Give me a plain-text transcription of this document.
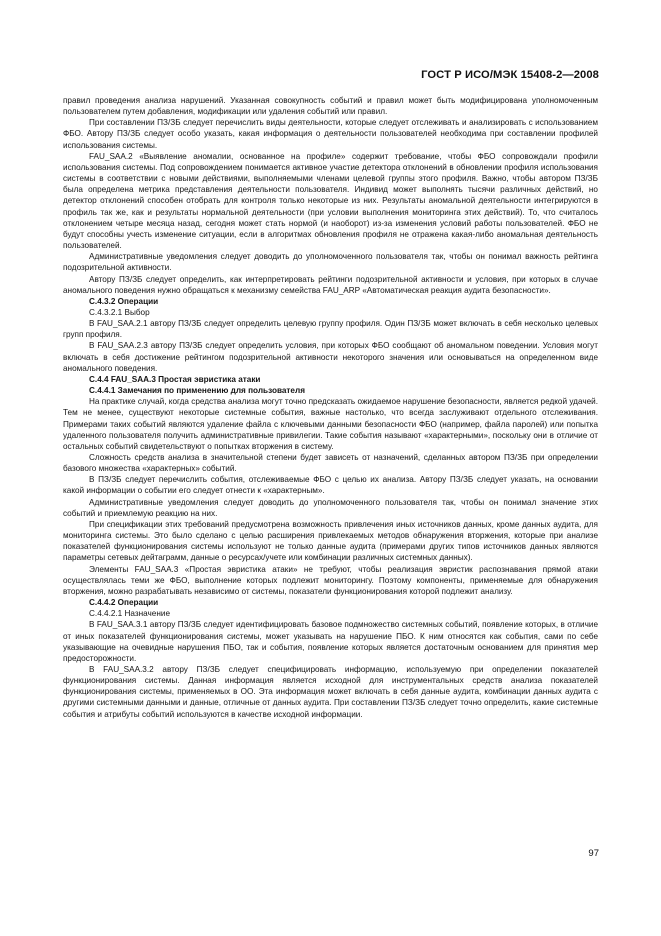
ГОСТ Р ИСО/МЭК 15408-2—2008

правил проведения анализа нарушений. Указанная совокупность событий и правил может быть модифицирована уполномоченным пользователем путем добавления, модификации или удаления событий или правил.

При составлении ПЗ/ЗБ следует перечислить виды деятельности, которые следует отслеживать и анализировать с использованием ФБО. Автору ПЗ/ЗБ следует особо указать, какая информация о деятельности пользователей необходима при составлении профилей использования системы.

FAU_SAA.2 «Выявление аномалии, основанное на профиле» содержит требование, чтобы ФБО сопровождали профили использования системы. Под сопровождением понимается активное участие детектора отклонений в обновлении профиля использования системы в соответствии с новыми действиями, выполняемыми членами целевой группы этого профиля. Важно, чтобы автором ПЗ/ЗБ была определена метрика представления деятельности пользователя. Индивид может выполнять тысячи различных действий, но детектор отклонений способен отобрать для контроля только некоторые из них. Результаты аномальной деятельности интегрируются в профиль так же, как и результаты нормальной деятельности (при условии выполнения мониторинга этих действий). То, что считалось отклонением четыре месяца назад, сегодня может стать нормой (и наоборот) из-за изменения условий работы пользователей. ФБО не будут способны учесть изменение ситуации, если в алгоритмах обновления профиля не отражена какая-либо аномальная деятельность пользователей.

Административные уведомления следует доводить до уполномоченного пользователя так, чтобы он понимал важность рейтинга подозрительной активности.

Автору ПЗ/ЗБ следует определить, как интерпретировать рейтинги подозрительной активности и условия, при которых в случае аномального поведения нужно обращаться к механизму семейства FAU_ARP «Автоматическая реакция аудита безопасности».

C.4.3.2 Операции

C.4.3.2.1 Выбор

В FAU_SAA.2.1 автору ПЗ/ЗБ следует определить целевую группу профиля. Один ПЗ/ЗБ может включать в себя несколько целевых групп профиля.

В FAU_SAA.2.3 автору ПЗ/ЗБ следует определить условия, при которых ФБО сообщают об аномальном поведении. Условия могут включать в себя достижение рейтингом подозрительной активности некоторого значения или основываться на определенном виде аномального поведения.

C.4.4 FAU_SAA.3 Простая эвристика атаки

C.4.4.1 Замечания по применению для пользователя

На практике случай, когда средства анализа могут точно предсказать ожидаемое нарушение безопасности, является редкой удачей. Тем не менее, существуют некоторые системные события, важные настолько, что всегда заслуживают отдельного отслеживания. Примерами таких событий являются удаление файла с ключевыми данными безопасности ФБО (например, файла паролей) или попытка удаленного пользователя получить административные привилегии. Такие события называют «характерными», поскольку они в отличие от остальных событий свидетельствуют о попытках вторжения в систему.

Сложность средств анализа в значительной степени будет зависеть от назначений, сделанных автором ПЗ/ЗБ при определении базового множества «характерных» событий.

В ПЗ/ЗБ следует перечислить события, отслеживаемые ФБО с целью их анализа. Автору ПЗ/ЗБ следует указать, на основании какой информации о событии его следует отнести к «характерным».

Административные уведомления следует доводить до уполномоченного пользователя так, чтобы он понимал значение этих событий и приемлемую реакцию на них.

При спецификации этих требований предусмотрена возможность привлечения иных источников данных, кроме данных аудита, для мониторинга системы. Это было сделано с целью расширения привлекаемых методов обнаружения вторжения, которые при анализе показателей функционирования системы используют не только данные аудита (примерами других типов источников данных являются параметры сетевых дейтаграмм, данные о ресурсах/учете или комбинации различных системных данных).

Элементы FAU_SAA.3 «Простая эвристика атаки» не требуют, чтобы реализация эвристик распознавания прямой атаки осуществлялась теми же ФБО, выполнение которых подлежит мониторингу. Поэтому компоненты, применяемые для обнаружения вторжения, можно разрабатывать независимо от системы, показатели функционирования которой подлежит анализу.

C.4.4.2 Операции

C.4.4.2.1 Назначение

В FAU_SAA.3.1 автору ПЗ/ЗБ следует идентифицировать базовое подмножество системных событий, появление которых, в отличие от иных показателей функционирования системы, может указывать на нарушение ПБО. К ним относятся как события, сами по себе указывающие на очевидные нарушения ПБО, так и события, появление которых является достаточным основанием для принятия мер предосторожности.

В FAU_SAA.3.2 автору ПЗ/ЗБ следует специфицировать информацию, используемую при определении показателей функционирования системы. Данная информация является исходной для инструментальных средств анализа показателей функционирования системы, применяемых в ОО. Эта информация может включать в себя данные аудита, комбинации данных аудита с другими системными данными и данные, отличные от данных аудита. При составлении ПЗ/ЗБ следует точно определить, какие системные события и атрибуты событий используются в качестве исходной информации.

97
